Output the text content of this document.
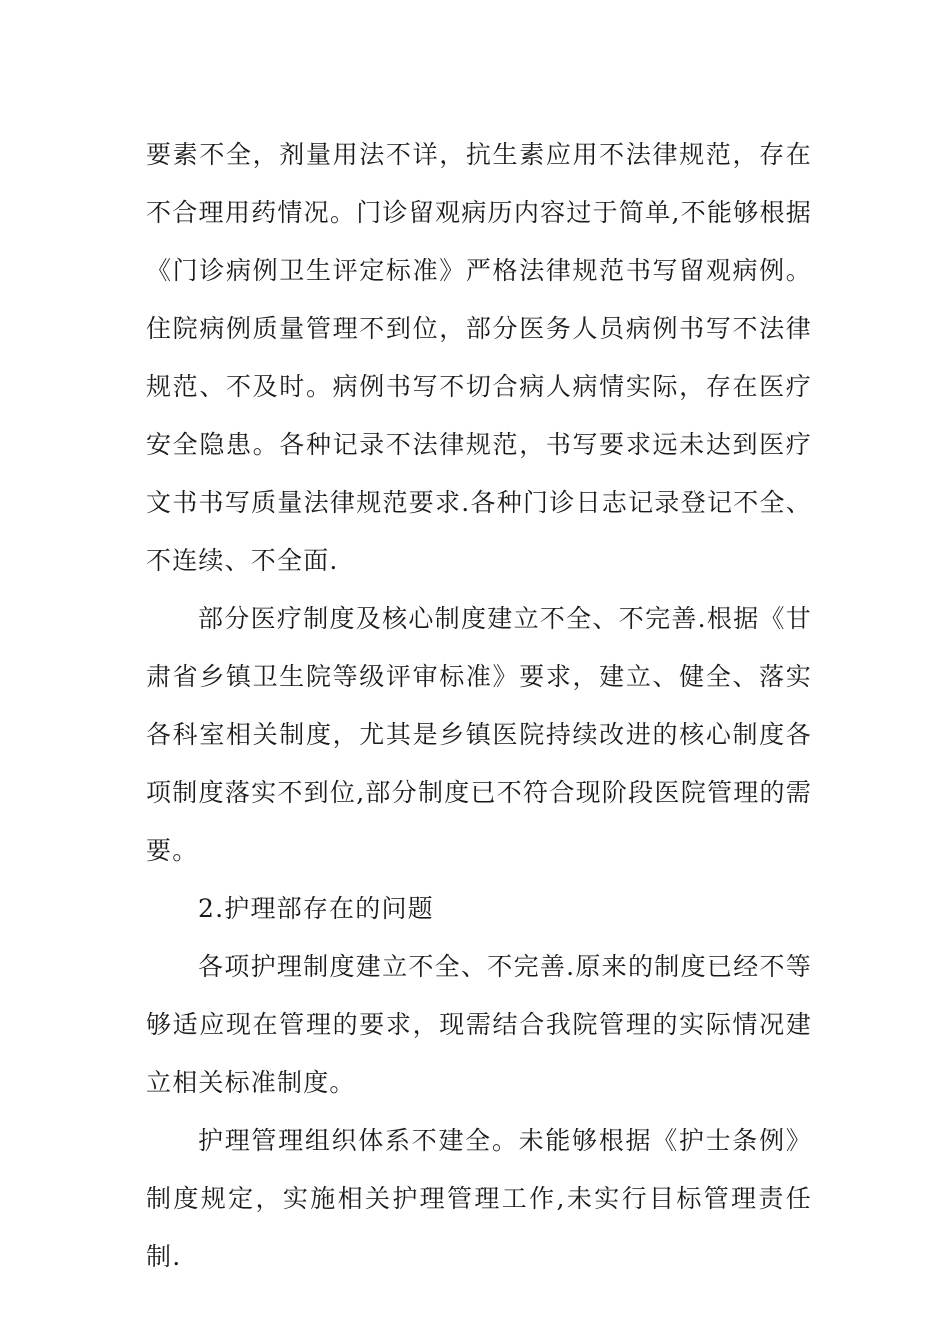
要素不全，剂量用法不详，抗生素应用不法律规范，存在不合理用药情况。门诊留观病历内容过于简单,不能够根据《门诊病例卫生评定标准》严格法律规范书写留观病例。住院病例质量管理不到位，部分医务人员病例书写不法律规范、不及时。病例书写不切合病人病情实际，存在医疗安全隐患。各种记录不法律规范，书写要求远未达到医疗文书书写质量法律规范要求.各种门诊日志记录登记不全、不连续、不全面.

部分医疗制度及核心制度建立不全、不完善.根据《甘肃省乡镇卫生院等级评审标准》要求，建立、健全、落实各科室相关制度，尤其是乡镇医院持续改进的核心制度各项制度落实不到位,部分制度已不符合现阶段医院管理的需要。

2.护理部存在的问题

各项护理制度建立不全、不完善.原来的制度已经不等够适应现在管理的要求，现需结合我院管理的实际情况建立相关标准制度。

护理管理组织体系不建全。未能够根据《护士条例》制度规定，实施相关护理管理工作,未实行目标管理责任制.
